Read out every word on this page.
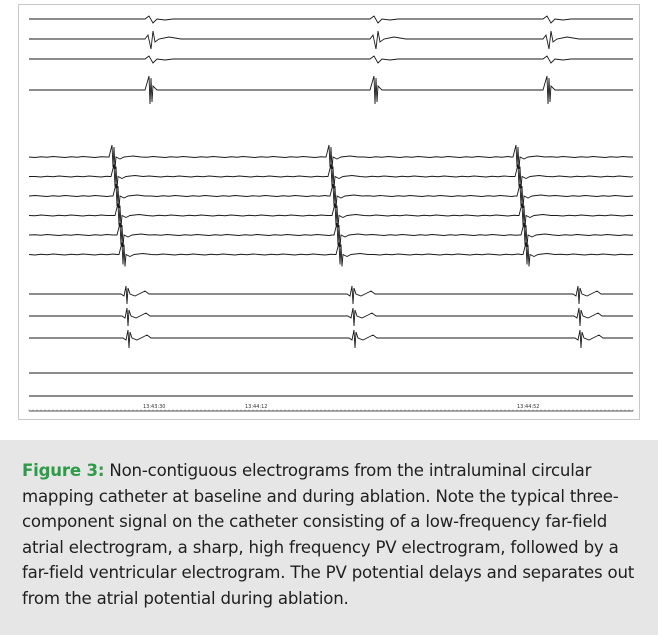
13:43:30	13:44:12	13:44:52
Figure 3: Non-contiguous electrograms from the intraluminal circular mapping catheter at baseline and during ablation. Note the typical three-component signal on the catheter consisting of a low-frequency far-field atrial electrogram, a sharp, high frequency PV electrogram, followed by a far-field ventricular electrogram. The PV potential delays and separates out from the atrial potential during ablation.
